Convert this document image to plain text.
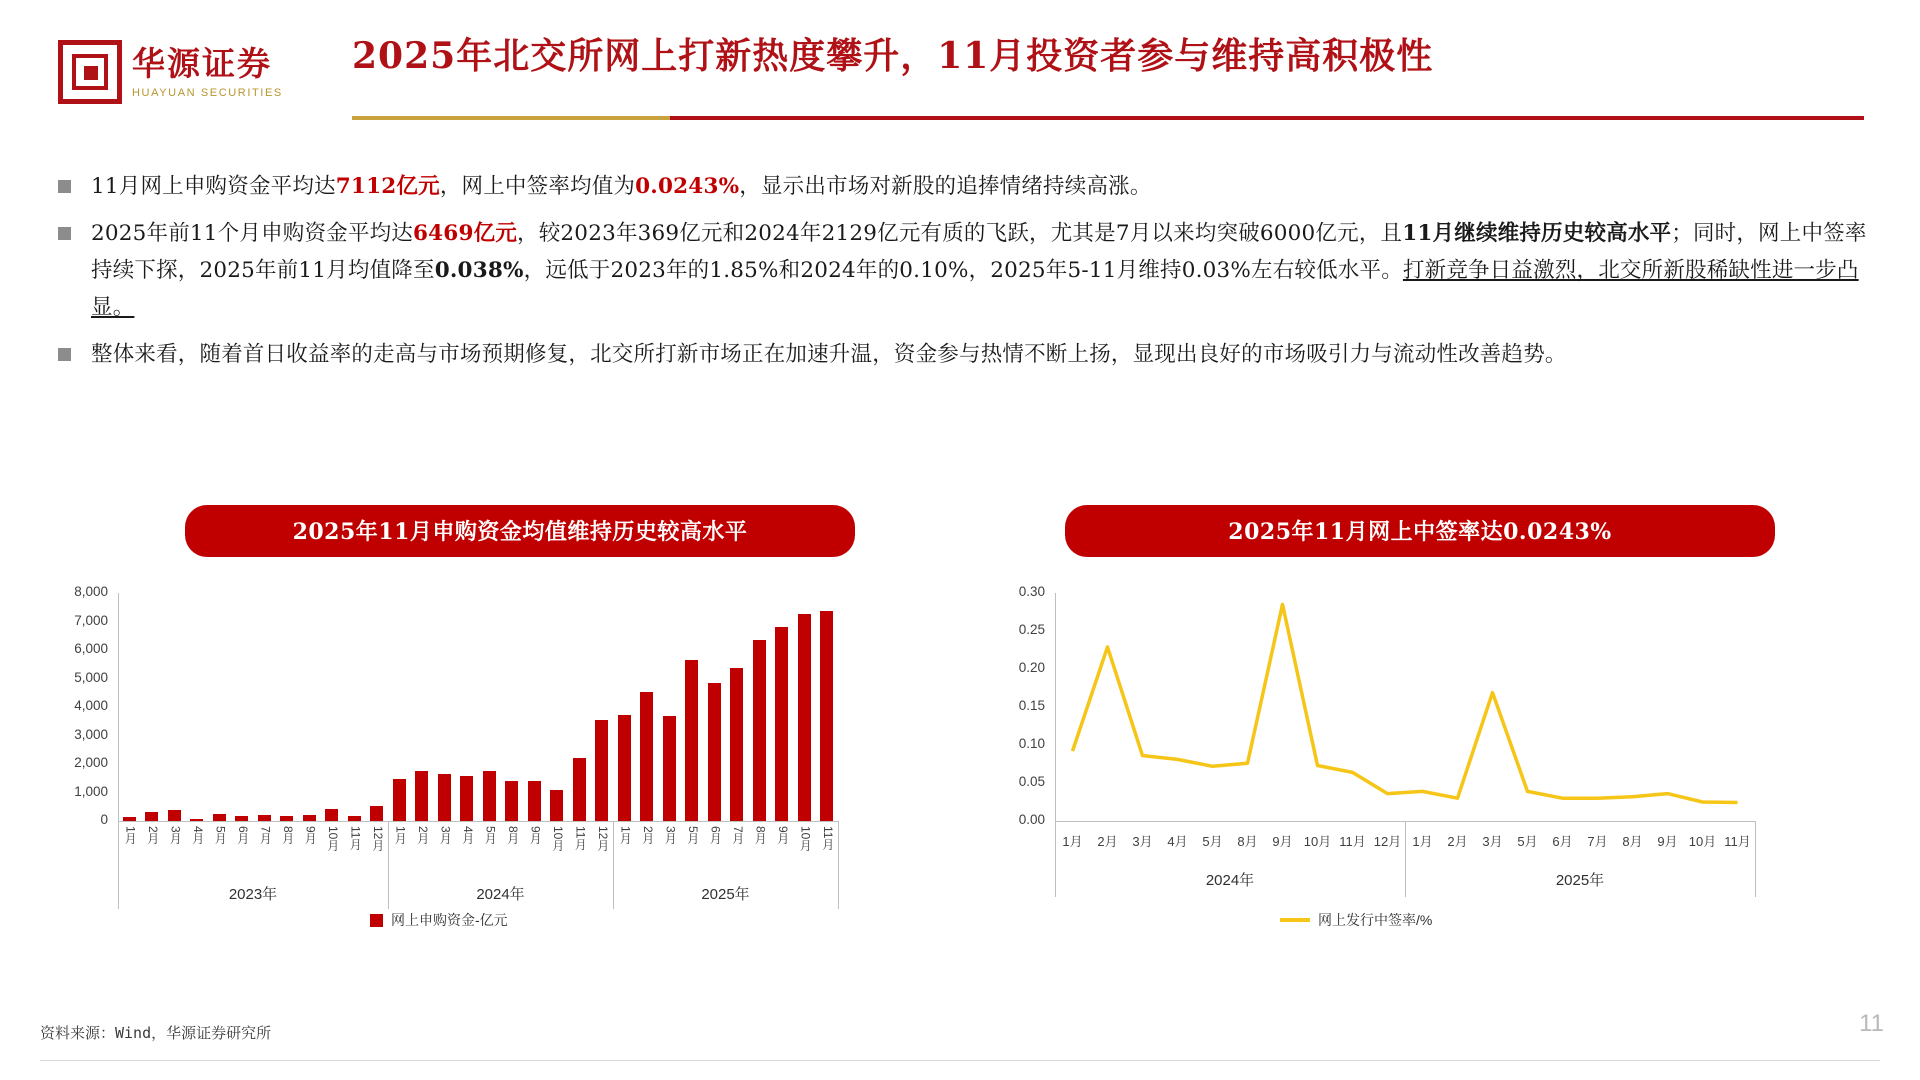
华源证券
HUAYUAN SECURITIES
2025年北交所网上打新热度攀升，11月投资者参与维持高积极性
11月网上申购资金平均达7112亿元，网上中签率均值为0.0243%，显示出市场对新股的追捧情绪持续高涨。
2025年前11个月申购资金平均达6469亿元，较2023年369亿元和2024年2129亿元有质的飞跃，尤其是7月以来均突破6000亿元，且11月继续维持历史较高水平；同时，网上中签率持续下探，2025年前11月均值降至0.038%，远低于2023年的1.85%和2024年的0.10%，2025年5-11月维持0.03%左右较低水平。打新竞争日益激烈，北交所新股稀缺性进一步凸显。
整体来看，随着首日收益率的走高与市场预期修复，北交所打新市场正在加速升温，资金参与热情不断上扬，显现出良好的市场吸引力与流动性改善趋势。
2025年11月申购资金均值维持历史较高水平
0
1,000
2,000
3,000
4,000
5,000
6,000
7,000
8,000
1月 2月 3月 4月 5月 6月 7月 8月 9月 10月 11月 12月 1月 2月 3月 4月 5月 8月 9月 10月 11月 12月 1月 2月 3月 5月 6月 7月 8月 9月 10月 11月
2023年	2024年	2025年
网上申购资金-亿元
2025年11月网上中签率达0.0243%
0.00
0.05
0.10
0.15
0.20
0.25
0.30
1月	2月	3月	4月	5月	8月	9月 10月 11月 12月 1月	2月	3月	5月	6月	7月	8月	9月 10月 11月
2024年	2025年
网上发行中签率/%
资料来源：Wind，华源证券研究所	11
